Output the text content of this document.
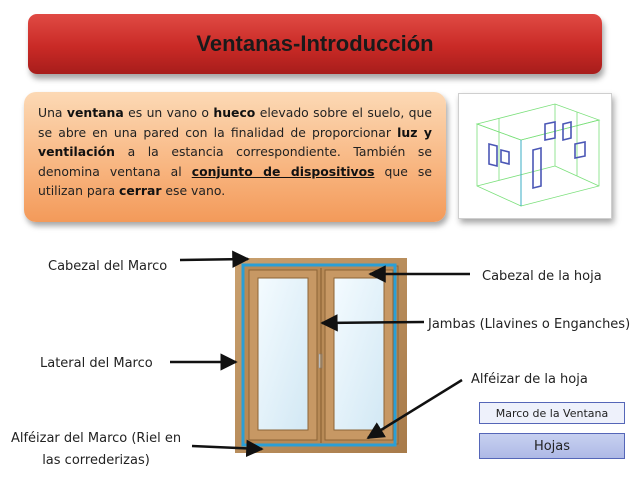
Ventanas-Introducción
Una ventana es un vano o hueco elevado sobre el suelo, que se abre en una pared con la finalidad de proporcionar luz y ventilación a la estancia correspondiente. También se denomina ventana al conjunto de dispositivos que se utilizan para cerrar ese vano.
Cabezal del Marco
Lateral del Marco
Alféizar del Marco (Riel en
las correderizas)
Cabezal de la hoja
Jambas (Llavines o Enganches)
Alféizar de la hoja
Marco de la Ventana
Hojas
